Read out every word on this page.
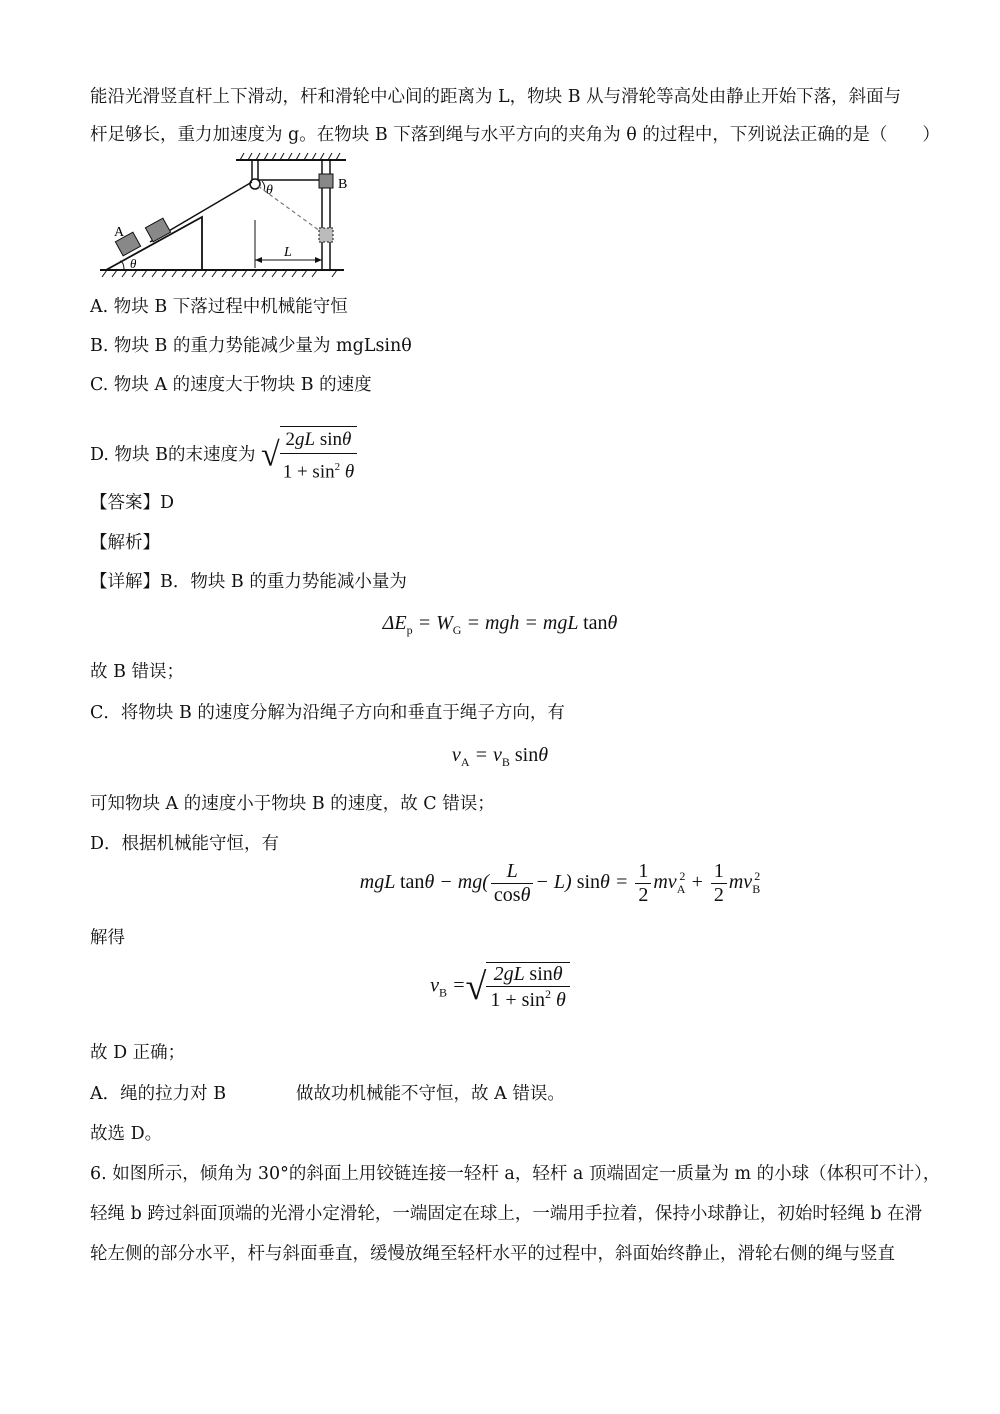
能沿光滑竖直杆上下滑动，杆和滑轮中心间的距离为 L，物块 B 从与滑轮等高处由静止开始下落，斜面与
杆足够长，重力加速度为 g。在物块 B 下落到绳与水平方向的夹角为 θ 的过程中，下列说法正确的是（　　）
A
B
L
θ
θ
A. 物块 B 下落过程中机械能守恒
B. 物块 B 的重力势能减少量为 mgLsinθ
C. 物块 A 的速度大于物块 B 的速度
D. 物块 B的末速度为 √ $\frac{\text{2gL sinθ}}{1 + \sin^2 \theta}$
【答案】D
【解析】
【详解】B．物块 B 的重力势能减小量为
$\Delta E_p = W_G$ = mgh = mgL tanθ
故 B 错误；
C．将物块 B 的速度分解为沿绳子方向和垂直于绳子方向，有
$v_A = v_B$ sinθ
可知物块 A 的速度小于物块 B 的速度，故 C 错误；
D．根据机械能守恒，有
mgL $\tan\theta - mg( \frac{L}{\cos\theta} - L)$ $\sin\theta = \frac{1}{2} mv_A^2 + \frac{1}{2} mv_B^2$
解得
$v_B$ =√ $\frac{\text{2gL sinθ}}{1 + \sin^2 \theta}$
故 D 正确；
A．绳的拉力对 B　　　　做故功机械能不守恒，故 A 错误。
故选 D。
6. 如图所示，倾角为 30°的斜面上用铰链连接一轻杆 a，轻杆 a 顶端固定一质量为 m 的小球（体积可不计），
轻绳 b 跨过斜面顶端的光滑小定滑轮，一端固定在球上，一端用手拉着，保持小球静让，初始时轻绳 b 在滑
轮左侧的部分水平，杆与斜面垂直，缓慢放绳至轻杆水平的过程中，斜面始终静止，滑轮右侧的绳与竖直
